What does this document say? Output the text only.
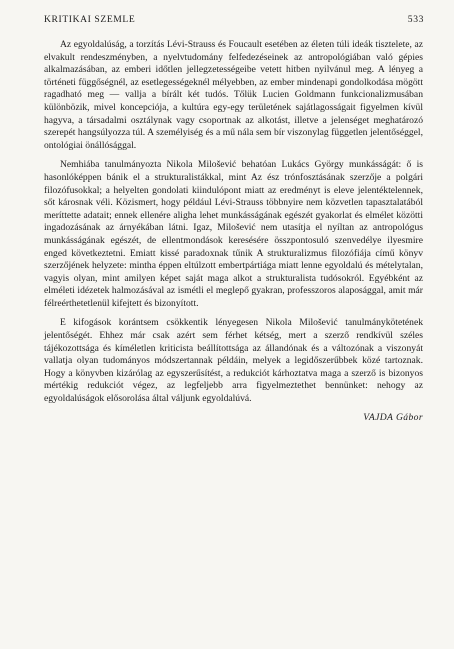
KRITIKAI SZEMLE	533

Az egyoldalúság, a torzítás Lévi-Strauss és Foucault esetében az életen túli ideák tisztelete, az elvakult rendeszményben, a nyelvtudomány felfedezéseinek az antropológiában való gépies alkalmazásában, az emberi időtlen jellegzetességeibe vetett hitben nyilvánul meg. A lényeg a történeti függőségnél, az esetlegességeknél mélyebben, az ember mindenapi gondolkodása mögött ragadható meg — vallja a bírált két tudós. Tőlük Lucien Goldmann funkcionalizmusában különbözik, mivel koncepciója, a kultúra egy-egy területének sajátlagosságait figyelmen kívül hagyva, a társadalmi osztálynak vagy csoportnak az alkotást, illetve a jelenséget meghatározó szerepét hangsúlyozza túl. A személyiség és a mű nála sem bír viszonylag független jelentőséggel, ontológiai önállósággal.

Nemhiába tanulmányozta Nikola Milošević behatóan Lukács György munkásságát: ő is hasonlóképpen bánik el a strukturalistákkal, mint Az ész trónfosztásának szerzője a polgári filozófusokkal; a helyelten gondolati kiindulópont miatt az eredményt is eleve jelentéktelennek, sőt károsnak véli. Közismert, hogy például Lévi-Strauss többnyire nem közvetlen tapasztalatából meríttette adatait; ennek ellenére aligha lehet munkásságának egészét gyakorlat és elmélet közötti ingadozásának az árnyékában látni. Igaz, Milošević nem utasítja el nyíltan az antropológus munkásságának egészét, de ellentmondások keresésére összpontosuló szenvedélye ilyesmire enged következtetni. Emiatt kissé paradoxnak tűnik A strukturalizmus filozófiája című könyv szerzőjének helyzete: mintha éppen eltúlzott embertpártiága miatt lenne egyoldalú és mételytalan, vagyis olyan, mint amilyen képet saját maga alkot a strukturalista tudósokról. Egyébként az elméleti idézetek halmozásával az ismétli el meglepő gyakran, professzoros alaposággal, amit már félreérthetetlenül kifejtett és bizonyított.

E kifogások korántsem csökkentik lényegesen Nikola Milošević tanulmánykötetének jelentőségét. Ehhez már csak azért sem férhet kétség, mert a szerző rendkívül széles tájékozottsága és kíméletlen kriticista beállítottsága az állandónak és a változónak a viszonyát vallatja olyan tudományos módszertannak példáin, melyek a legidőszerűbbek közé tartoznak. Hogy a könyvben kizárólag az egyszerűsítést, a redukciót kárhoztatva maga a szerző is bizonyos mértékig redukciót végez, az legfeljebb arra figyelmeztethet bennünket: nehogy az egyoldalúságok elősorolása által váljunk egyoldalúvá.

VAJDA Gábor
